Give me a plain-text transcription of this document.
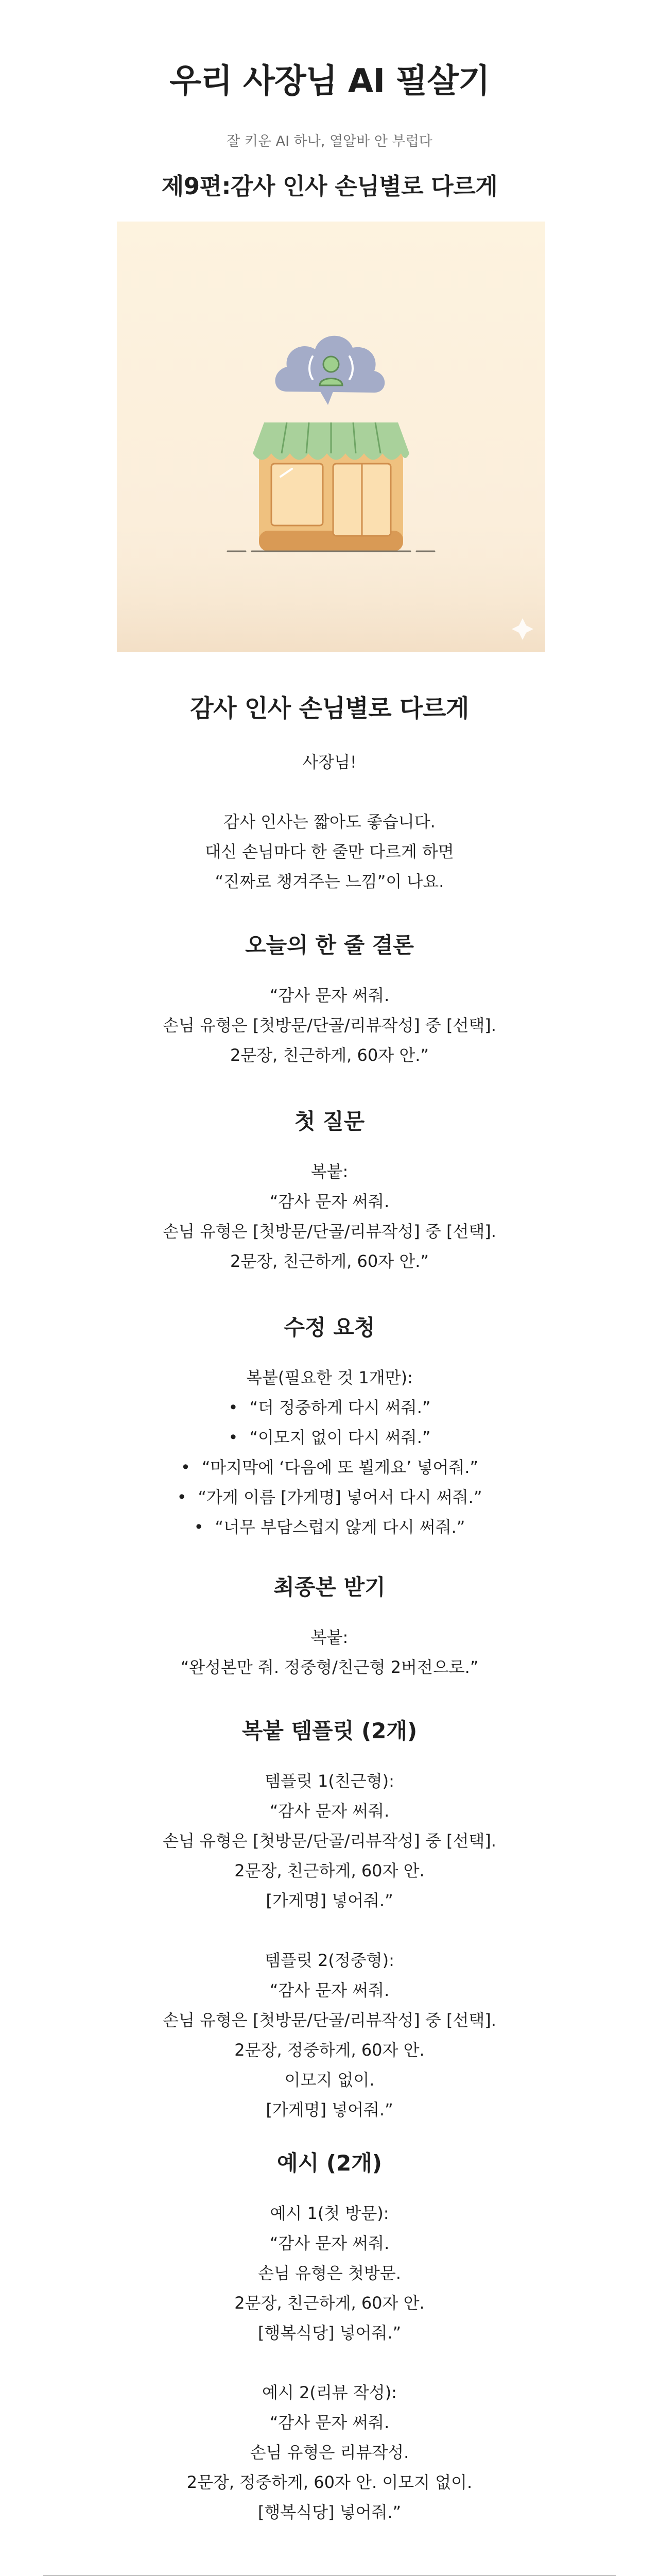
우리 사장님 AI 필살기
잘 키운 AI 하나, 열알바 안 부럽다
제9편:감사 인사 손님별로 다르게
감사 인사 손님별로 다르게
사장님!
감사 인사는 짧아도 좋습니다.
대신 손님마다 한 줄만 다르게 하면
“진짜로 챙겨주는 느낌”이 나요.
오늘의 한 줄 결론
“감사 문자 써줘.
손님 유형은 [첫방문/단골/리뷰작성] 중 [선택].
2문장, 친근하게, 60자 안.”
첫 질문
복붙:
“감사 문자 써줘.
손님 유형은 [첫방문/단골/리뷰작성] 중 [선택].
2문장, 친근하게, 60자 안.”
수정 요청
복붙(필요한 것 1개만):
• “더 정중하게 다시 써줘.”
• “이모지 없이 다시 써줘.”
• “마지막에 ‘다음에 또 뵐게요’ 넣어줘.”
• “가게 이름 [가게명] 넣어서 다시 써줘.”
• “너무 부담스럽지 않게 다시 써줘.”
최종본 받기
복붙:
“완성본만 줘. 정중형/친근형 2버전으로.”
복붙 템플릿 (2개)
템플릿 1(친근형):
“감사 문자 써줘.
손님 유형은 [첫방문/단골/리뷰작성] 중 [선택].
2문장, 친근하게, 60자 안.
[가게명] 넣어줘.”
템플릿 2(정중형):
“감사 문자 써줘.
손님 유형은 [첫방문/단골/리뷰작성] 중 [선택].
2문장, 정중하게, 60자 안.
이모지 없이.
[가게명] 넣어줘.”
예시 (2개)
예시 1(첫 방문):
“감사 문자 써줘.
손님 유형은 첫방문.
2문장, 친근하게, 60자 안.
[행복식당] 넣어줘.”
예시 2(리뷰 작성):
“감사 문자 써줘.
손님 유형은 리뷰작성.
2문장, 정중하게, 60자 안. 이모지 없이.
[행복식당] 넣어줘.”
